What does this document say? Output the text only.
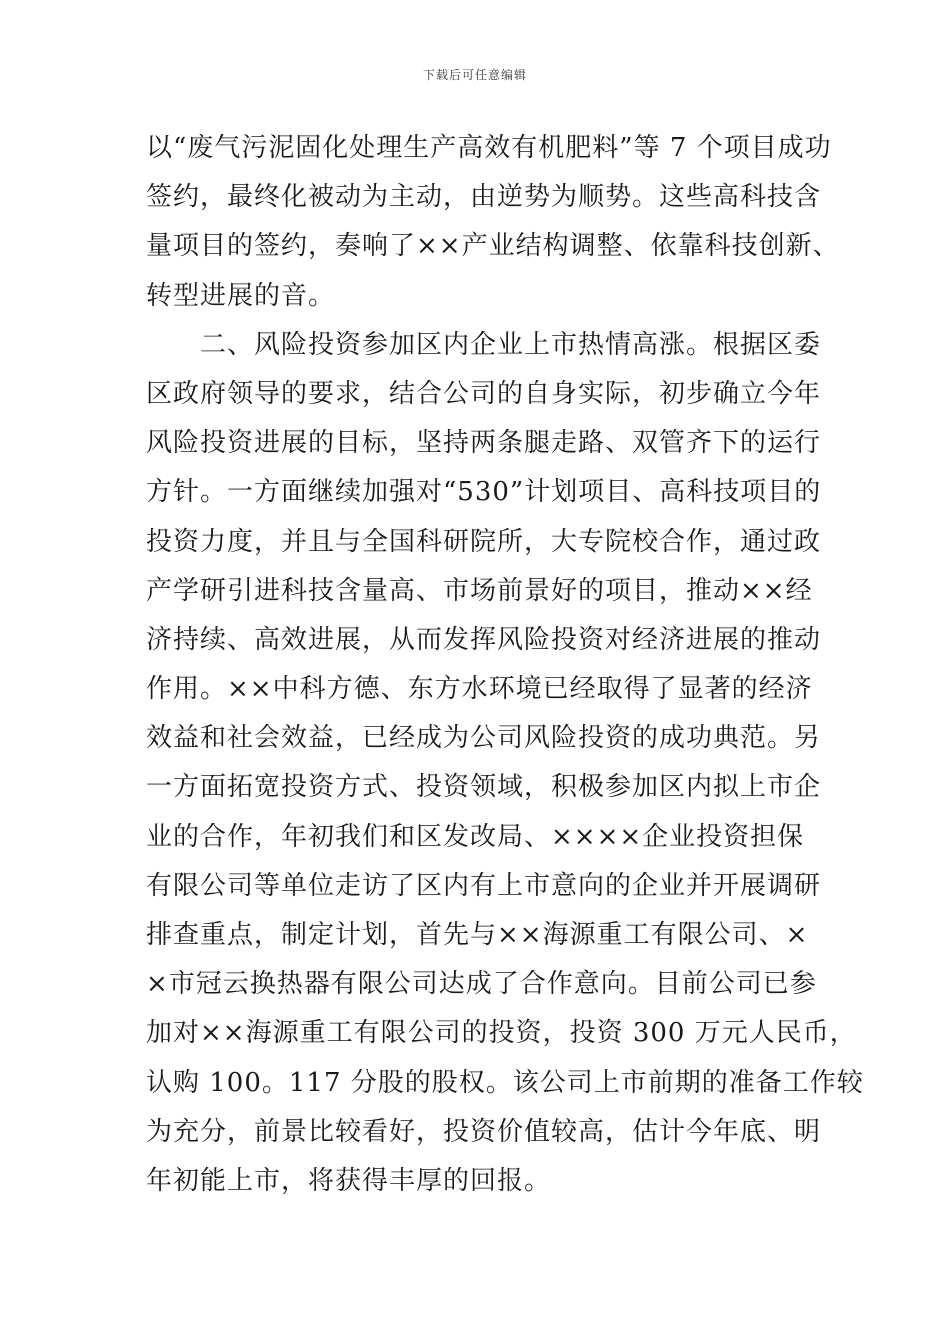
下载后可任意编辑
以“废气污泥固化处理生产高效有机肥料”等 7 个项目成功
签约，最终化被动为主动，由逆势为顺势。这些高科技含
量项目的签约，奏响了××产业结构调整、依靠科技创新、
转型进展的音。
二、风险投资参加区内企业上市热情高涨。根据区委
区政府领导的要求，结合公司的自身实际，初步确立今年
风险投资进展的目标，坚持两条腿走路、双管齐下的运行
方针。一方面继续加强对“530”计划项目、高科技项目的
投资力度，并且与全国科研院所，大专院校合作，通过政
产学研引进科技含量高、市场前景好的项目，推动××经
济持续、高效进展，从而发挥风险投资对经济进展的推动
作用。××中科方德、东方水环境已经取得了显著的经济
效益和社会效益，已经成为公司风险投资的成功典范。另
一方面拓宽投资方式、投资领域，积极参加区内拟上市企
业的合作，年初我们和区发改局、××××企业投资担保
有限公司等单位走访了区内有上市意向的企业并开展调研
排查重点，制定计划，首先与××海源重工有限公司、×
×市冠云换热器有限公司达成了合作意向。目前公司已参
加对××海源重工有限公司的投资，投资 300 万元人民币，
认购 100。117 分股的股权。该公司上市前期的准备工作较
为充分，前景比较看好，投资价值较高，估计今年底、明
年初能上市，将获得丰厚的回报。
